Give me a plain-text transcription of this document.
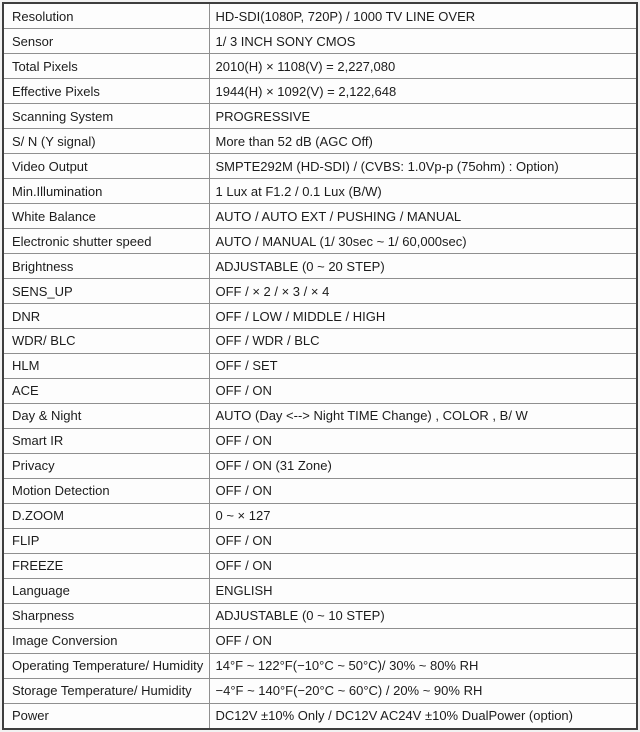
Resolution	HD-SDI(1080P, 720P) / 1000 TV LINE OVER
Sensor	1/ 3 INCH SONY CMOS
Total Pixels	2010(H) × 1108(V) = 2,227,080
Effective Pixels	1944(H) × 1092(V) = 2,122,648
Scanning System	PROGRESSIVE
S/ N (Y signal)	More than 52 dB (AGC Off)
Video Output	SMPTE292M (HD-SDI) / (CVBS: 1.0Vp-p (75ohm) : Option)
Min.Illumination	1 Lux at F1.2 / 0.1 Lux (B/W)
White Balance	AUTO / AUTO EXT / PUSHING / MANUAL
Electronic shutter speed	AUTO / MANUAL (1/ 30sec ~ 1/ 60,000sec)
Brightness	ADJUSTABLE (0 ~ 20 STEP)
SENS_UP	OFF / × 2 / × 3 / × 4
DNR	OFF / LOW / MIDDLE / HIGH
WDR/ BLC	OFF / WDR / BLC
HLM	OFF / SET
ACE	OFF / ON
Day & Night	AUTO (Day <--> Night TIME Change) , COLOR , B/ W
Smart IR	OFF / ON
Privacy	OFF / ON (31 Zone)
Motion Detection	OFF / ON
D.ZOOM	0 ~ × 127
FLIP	OFF / ON
FREEZE	OFF / ON
Language	ENGLISH
Sharpness	ADJUSTABLE (0 ~ 10 STEP)
Image Conversion	OFF / ON
Operating Temperature/ Humidity	14°F ~ 122°F(−10°C ~ 50°C)/ 30% ~ 80% RH
Storage Temperature/ Humidity	−4°F ~ 140°F(−20°C ~ 60°C) / 20% ~ 90% RH
Power	DC12V ±10% Only / DC12V AC24V ±10% DualPower (option)
